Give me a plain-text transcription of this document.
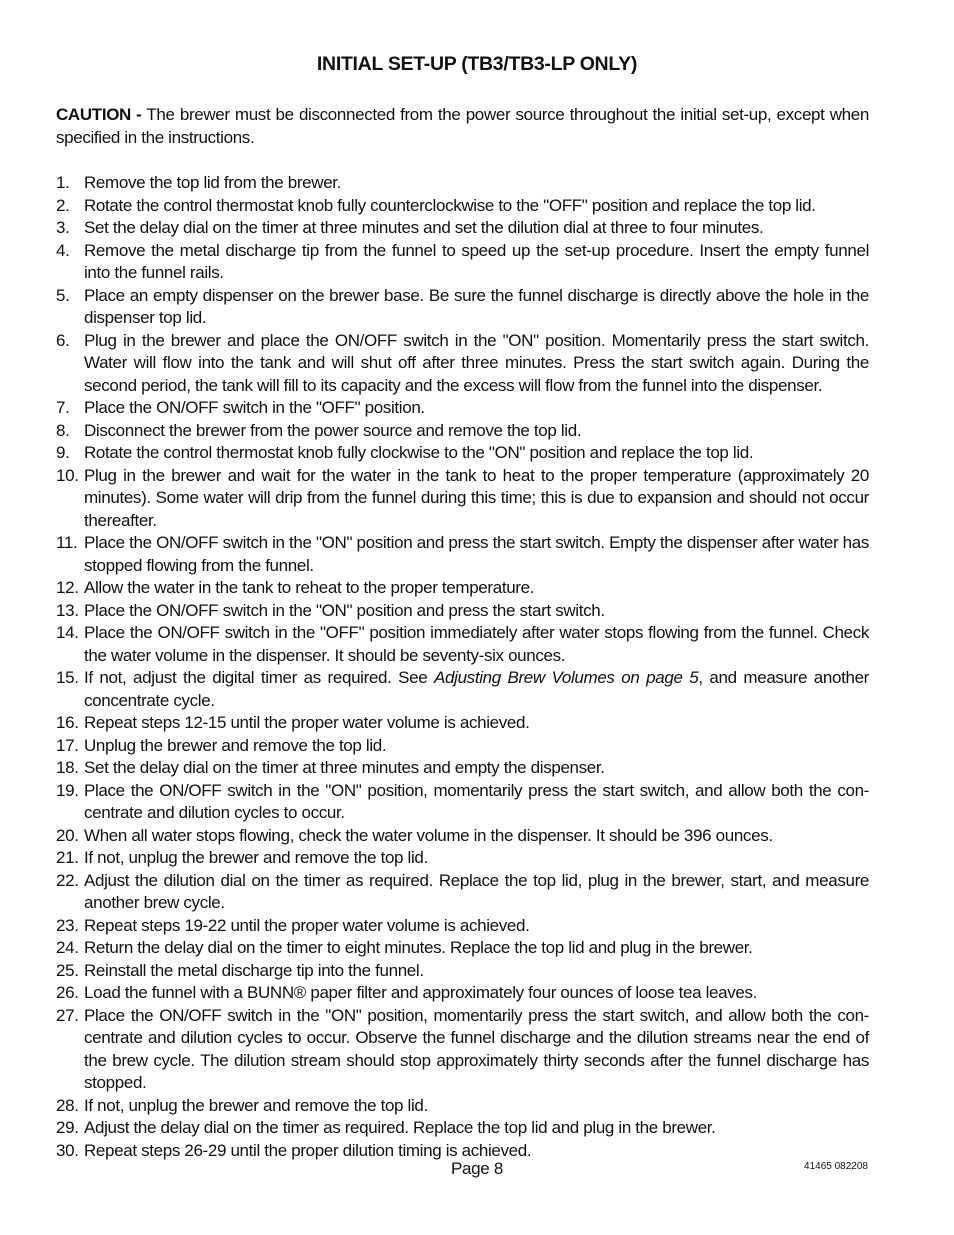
INITIAL SET-UP (TB3/TB3-LP ONLY)
CAUTION - The brewer must be disconnected from the power source throughout the initial set-up, except when specified in the instructions.
1. Remove the top lid from the brewer.
2. Rotate the control thermostat knob fully counterclockwise to the "OFF" position and replace the top lid.
3. Set the delay dial on the timer at three minutes and set the dilution dial at three to four minutes.
4. Remove the metal discharge tip from the funnel to speed up the set-up procedure. Insert the empty funnel into the funnel rails.
5. Place an empty dispenser on the brewer base. Be sure the funnel discharge is directly above the hole in the dispenser top lid.
6. Plug in the brewer and place the ON/OFF switch in the "ON" position. Momentarily press the start switch. Water will flow into the tank and will shut off after three minutes. Press the start switch again. During the second period, the tank will fill to its capacity and the excess will flow from the funnel into the dispenser.
7. Place the ON/OFF switch in the "OFF" position.
8. Disconnect the brewer from the power source and remove the top lid.
9. Rotate the control thermostat knob fully clockwise to the "ON" position and replace the top lid.
10. Plug in the brewer and wait for the water in the tank to heat to the proper temperature (approximately 20 minutes). Some water will drip from the funnel during this time; this is due to expansion and should not occur thereafter.
11. Place the ON/OFF switch in the "ON" position and press the start switch. Empty the dispenser after water has stopped flowing from the funnel.
12. Allow the water in the tank to reheat to the proper temperature.
13. Place the ON/OFF switch in the "ON" position and press the start switch.
14. Place the ON/OFF switch in the "OFF" position immediately after water stops flowing from the funnel. Check the water volume in the dispenser. It should be seventy-six ounces.
15. If not, adjust the digital timer as required. See Adjusting Brew Volumes on page 5, and measure another concentrate cycle.
16. Repeat steps 12-15 until the proper water volume is achieved.
17. Unplug the brewer and remove the top lid.
18. Set the delay dial on the timer at three minutes and empty the dispenser.
19. Place the ON/OFF switch in the "ON" position, momentarily press the start switch, and allow both the con-centrate and dilution cycles to occur.
20. When all water stops flowing, check the water volume in the dispenser. It should be 396 ounces.
21. If not, unplug the brewer and remove the top lid.
22. Adjust the dilution dial on the timer as required. Replace the top lid, plug in the brewer, start, and measure another brew cycle.
23. Repeat steps 19-22 until the proper water volume is achieved.
24. Return the delay dial on the timer to eight minutes. Replace the top lid and plug in the brewer.
25. Reinstall the metal discharge tip into the funnel.
26. Load the funnel with a BUNN® paper filter and approximately four ounces of loose tea leaves.
27. Place the ON/OFF switch in the "ON" position, momentarily press the start switch, and allow both the con-centrate and dilution cycles to occur. Observe the funnel discharge and the dilution streams near the end of the brew cycle. The dilution stream should stop approximately thirty seconds after the funnel discharge has stopped.
28. If not, unplug the brewer and remove the top lid.
29. Adjust the delay dial on the timer as required. Replace the top lid and plug in the brewer.
30. Repeat steps 26-29 until the proper dilution timing is achieved.
Page 8	41465 082208
